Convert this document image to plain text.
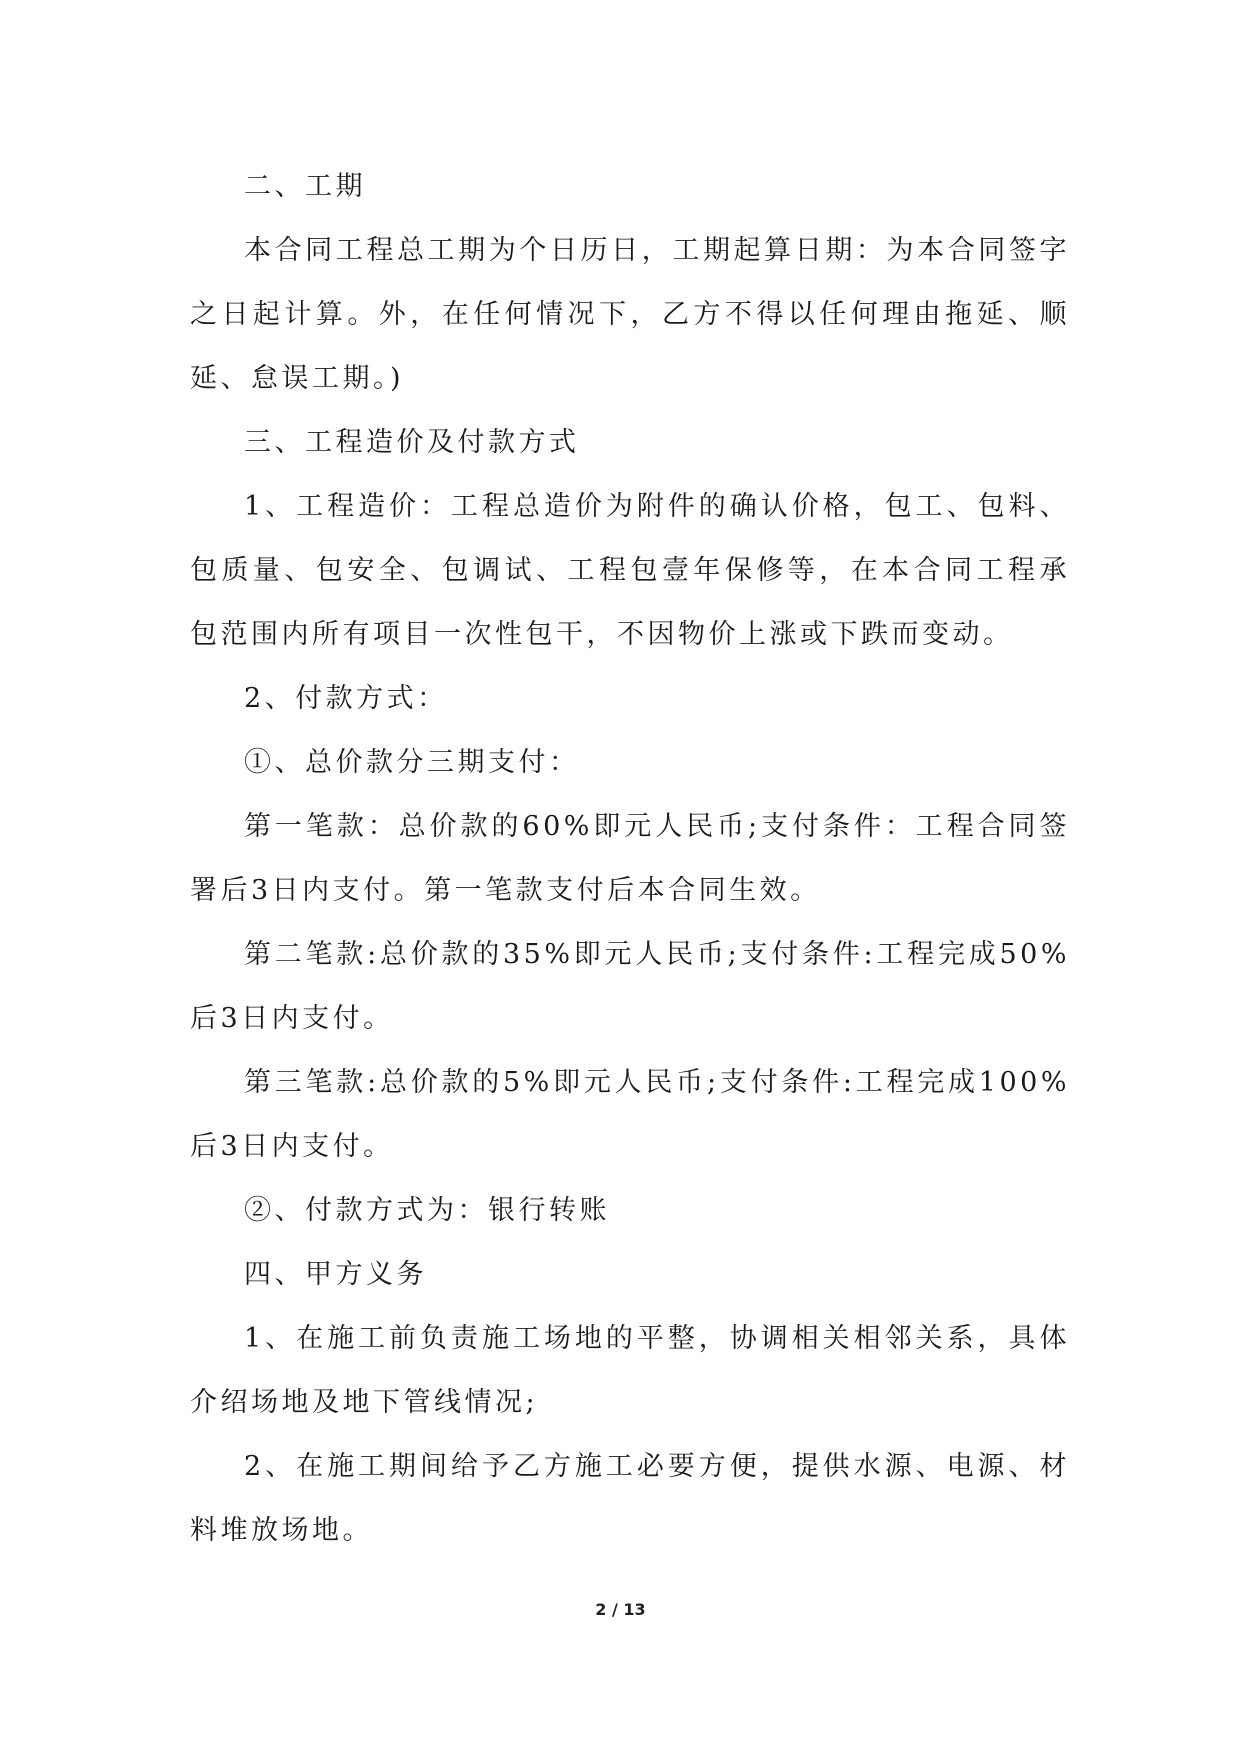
二、工期

本合同工程总工期为个日历日，工期起算日期：为本合同签字之日起计算。外，在任何情况下，乙方不得以任何理由拖延、顺延、怠误工期。)

三、工程造价及付款方式

1、工程造价：工程总造价为附件的确认价格，包工、包料、包质量、包安全、包调试、工程包壹年保修等，在本合同工程承包范围内所有项目一次性包干，不因物价上涨或下跌而变动。

2、付款方式：

①、总价款分三期支付：

第一笔款：总价款的60%即元人民币;支付条件：工程合同签署后3日内支付。第一笔款支付后本合同生效。

第二笔款:总价款的35%即元人民币;支付条件:工程完成50%后3日内支付。

第三笔款:总价款的5%即元人民币;支付条件:工程完成100%后3日内支付。

②、付款方式为：银行转账

四、甲方义务

1、在施工前负责施工场地的平整，协调相关相邻关系，具体介绍场地及地下管线情况;

2、在施工期间给予乙方施工必要方便，提供水源、电源、材料堆放场地。

2 / 13
